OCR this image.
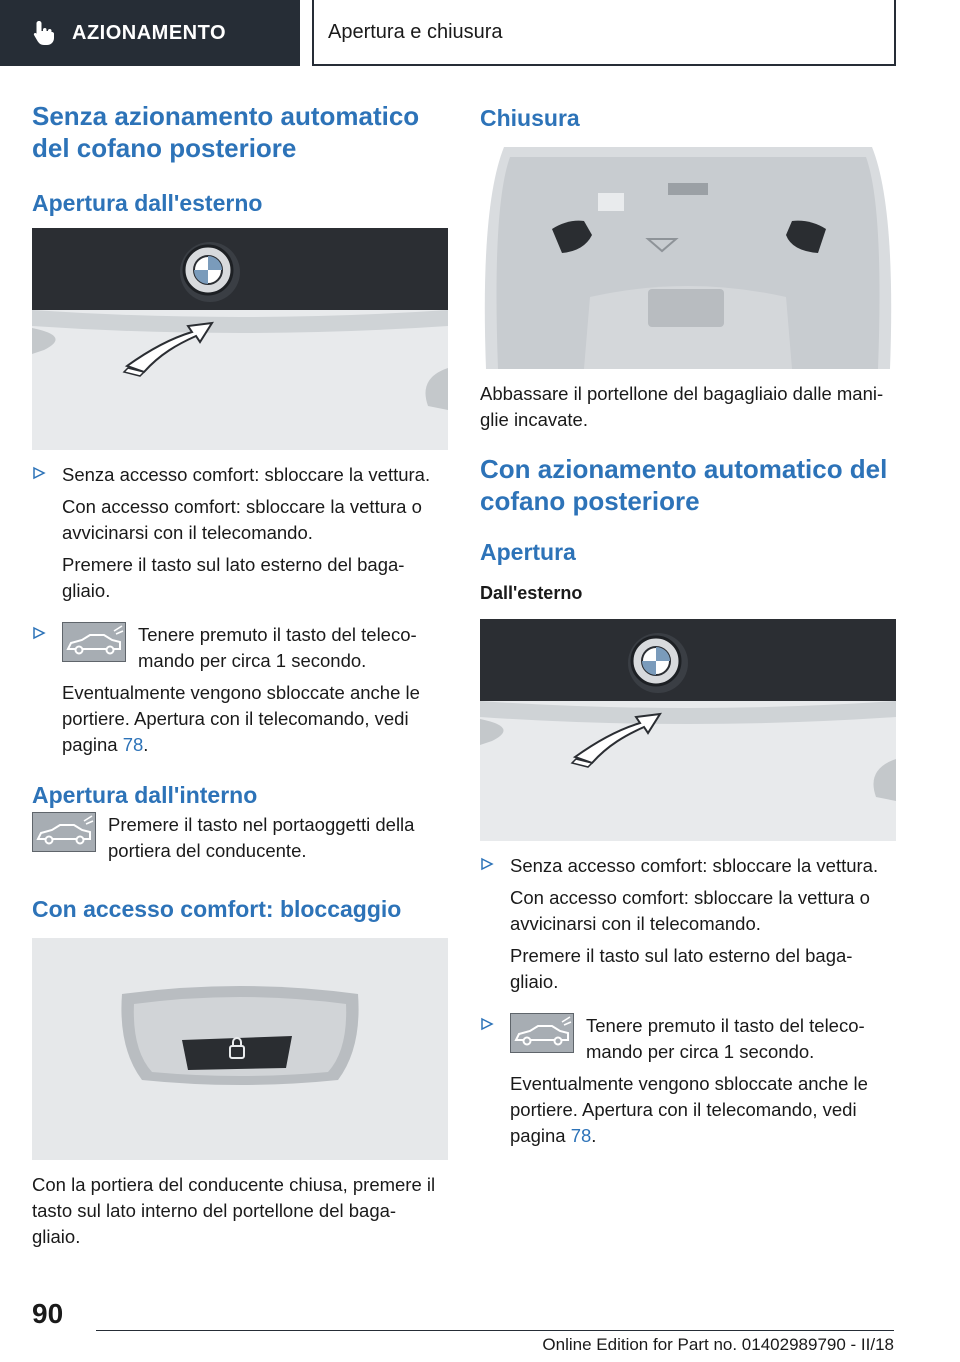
AZIONAMENTO	Apertura e chiusura
Senza azionamento automatico del cofano posteriore
Apertura dall'esterno

Senza accesso comfort: sbloccare la vettura.

Con accesso comfort: sbloccare la vettura o avvicinarsi con il telecomando.

Premere il tasto sul lato esterno del baga‐ gliaio.

Tenere premuto il tasto del teleco‐ mando per circa 1 secondo.

Eventualmente vengono sbloccate anche le portiere. Apertura con il telecomando, vedi pagina 78.

Apertura dall'interno

Premere il tasto nel portaoggetti della portiera del conducente.

Con accesso comfort: bloccaggio

Con la portiera del conducente chiusa, premere il tasto sul lato interno del portellone del baga‐ gliaio.

Chiusura

Abbassare il portellone del bagagliaio dalle mani‐ glie incavate.

Con azionamento automatico del cofano posteriore
Apertura
Dall'esterno

Senza accesso comfort: sbloccare la vettura.

Con accesso comfort: sbloccare la vettura o avvicinarsi con il telecomando.

Premere il tasto sul lato esterno del baga‐ gliaio.

Tenere premuto il tasto del teleco‐ mando per circa 1 secondo.

Eventualmente vengono sbloccate anche le portiere. Apertura con il telecomando, vedi pagina 78.

90
Online Edition for Part no. 01402989790 - II/18
